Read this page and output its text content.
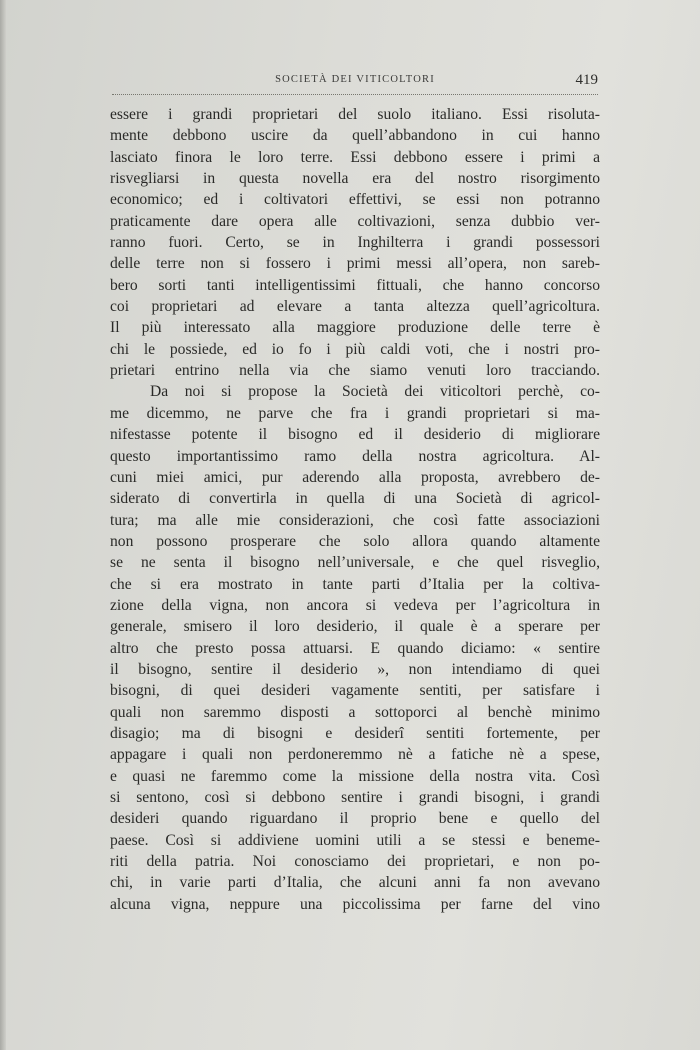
SOCIETÀ DEI VITICOLTORI	419
essere i grandi proprietari del suolo italiano. Essi risoluta-
mente debbono uscire da quell’abbandono in cui hanno
lasciato finora le loro terre. Essi debbono essere i primi a
risvegliarsi in questa novella era del nostro risorgimento
economico; ed i coltivatori effettivi, se essi non potranno
praticamente dare opera alle coltivazioni, senza dubbio ver-
ranno fuori. Certo, se in Inghilterra i grandi possessori
delle terre non si fossero i primi messi all’opera, non sareb-
bero sorti tanti intelligentissimi fittuali, che hanno concorso
coi proprietari ad elevare a tanta altezza quell’agricoltura.
Il più interessato alla maggiore produzione delle terre è
chi le possiede, ed io fo i più caldi voti, che i nostri pro-
prietari entrino nella via che siamo venuti loro tracciando.
Da noi si propose la Società dei viticoltori perchè, co-
me dicemmo, ne parve che fra i grandi proprietari si ma-
nifestasse potente il bisogno ed il desiderio di migliorare
questo importantissimo ramo della nostra agricoltura. Al-
cuni miei amici, pur aderendo alla proposta, avrebbero de-
siderato di convertirla in quella di una Società di agricol-
tura; ma alle mie considerazioni, che così fatte associazioni
non possono prosperare che solo allora quando altamente
se ne senta il bisogno nell’universale, e che quel risveglio,
che si era mostrato in tante parti d’Italia per la coltiva-
zione della vigna, non ancora si vedeva per l’agricoltura in
generale, smisero il loro desiderio, il quale è a sperare per
altro che presto possa attuarsi. E quando diciamo: « sentire
il bisogno, sentire il desiderio », non intendiamo di quei
bisogni, di quei desideri vagamente sentiti, per satisfare i
quali non saremmo disposti a sottoporci al benchè minimo
disagio; ma di bisogni e desiderî sentiti fortemente, per
appagare i quali non perdoneremmo nè a fatiche nè a spese,
e quasi ne faremmo come la missione della nostra vita. Così
si sentono, così si debbono sentire i grandi bisogni, i grandi
desideri quando riguardano il proprio bene e quello del
paese. Così si addiviene uomini utili a se stessi e beneme-
riti della patria. Noi conosciamo dei proprietari, e non po-
chi, in varie parti d’Italia, che alcuni anni fa non avevano
alcuna vigna, neppure una piccolissima per farne del vino
